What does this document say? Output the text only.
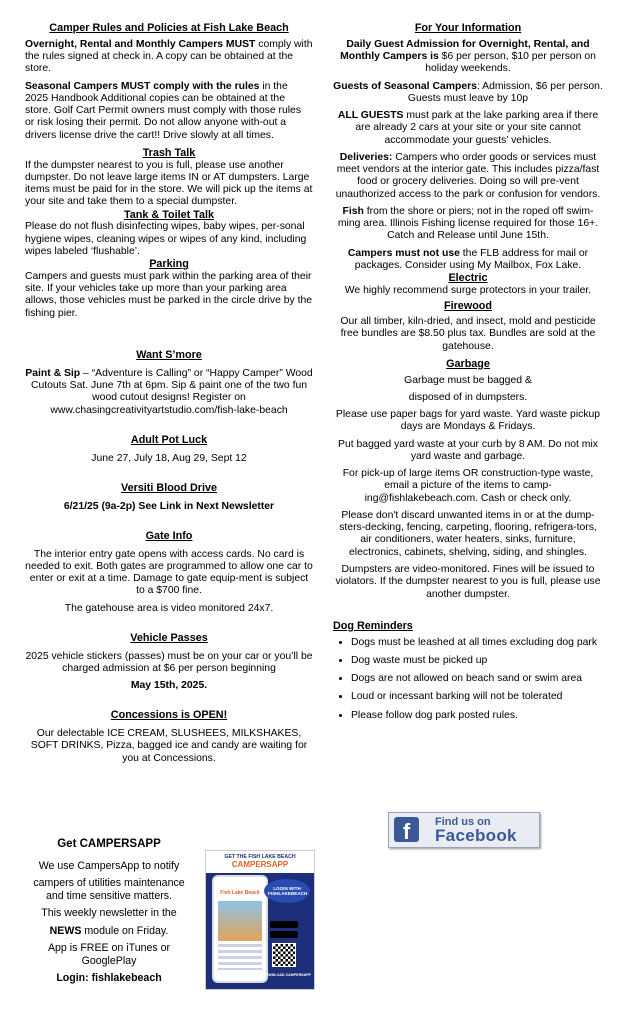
Camper Rules and Policies at Fish Lake Beach

Overnight, Rental and Monthly Campers MUST comply with the rules signed at check in. A copy can be obtained at the store.

Seasonal Campers MUST comply with the rules in the 2025 Handbook Additional copies can be obtained at the store. Golf Cart Permit owners must comply with those rules or risk losing their permit. Do not allow anyone with-out a drivers license drive the cart!! Drive slowly at all times.

Trash Talk

If the dumpster nearest to you is full, please use another dumpster. Do not leave large items IN or AT dumpsters. Large items must be paid for in the store. We will pick up the items at your site and take them to a special dumpster.

Tank & Toilet Talk

Please do not flush disinfecting wipes, baby wipes, per-sonal hygiene wipes, cleaning wipes or wipes of any kind, including wipes labeled ‘flushable’.

Parking

Campers and guests must park within the parking area of their site. If your vehicles take up more than your parking area allows, those vehicles must be parked in the circle drive by the fishing pier.

Want S’more

Paint & Sip – “Adventure is Calling” or “Happy Camper” Wood Cutouts Sat. June 7th at 6pm. Sip & paint one of the two fun wood cutout designs! Register on www.chasingcreativityartstudio.com/fish-lake-beach

Adult Pot Luck

June 27, July 18, Aug 29, Sept 12

Versiti Blood Drive

6/21/25 (9a-2p) See Link in Next Newsletter

Gate Info

The interior entry gate opens with access cards. No card is needed to exit. Both gates are programmed to allow one car to enter or exit at a time. Damage to gate equip-ment is subject to a $700 fine.

The gatehouse area is video monitored 24x7.

Vehicle Passes

2025 vehicle stickers (passes) must be on your car or you’ll be charged admission at $6 per person beginning

May 15th, 2025.

Concessions is OPEN!

Our delectable ICE CREAM, SLUSHEES, MILKSHAKES, SOFT DRINKS, Pizza, bagged ice and candy are waiting for you at Concessions.

For Your Information

Daily Guest Admission for Overnight, Rental, and Monthly Campers is $6 per person, $10 per person on holiday weekends.

Guests of Seasonal Campers: Admission, $6 per person. Guests must leave by 10p

ALL GUESTS must park at the lake parking area if there are already 2 cars at your site or your site cannot accommodate your guests’ vehicles.

Deliveries: Campers who order goods or services must meet vendors at the interior gate. This includes pizza/fast food or grocery deliveries. Doing so will pre-vent unauthorized access to the park or confusion for vendors.

Fish from the shore or piers; not in the roped off swim-ming area. Illinois Fishing license required for those 16+. Catch and Release until June 15th.

Campers must not use the FLB address for mail or packages. Consider using My Mailbox, Fox Lake.

Electric

We highly recommend surge protectors in your trailer.

Firewood

Our all timber, kiln-dried, and insect, mold and pesticide free bundles are $8.50 plus tax. Bundles are sold at the gatehouse.

Garbage

Garbage must be bagged &

disposed of in dumpsters.

Please use paper bags for yard waste. Yard waste pickup days are Mondays & Fridays.

Put bagged yard waste at your curb by 8 AM. Do not mix yard waste and garbage.

For pick-up of large items OR construction-type waste, email a picture of the items to camp-ing@fishlakebeach.com. Cash or check only.

Please don't discard unwanted items in or at the dump-sters-decking, fencing, carpeting, flooring, refrigera-tors, air conditioners, water heaters, sinks, furniture, electronics, cabinets, shelving, siding, and shingles.

Dumpsters are video-monitored. Fines will be issued to violators. If the dumpster nearest to you is full, please use another dumpster.

Dog Reminders
• Dogs must be leashed at all times excluding dog park
• Dog waste must be picked up
• Dogs are not allowed on beach sand or swim area
• Loud or incessant barking will not be tolerated
• Please follow dog park posted rules.
f	Find us on
Facebook
Get CAMPERSAPP

We use CampersApp to notify

campers of utilities maintenance and time sensitive matters.

This weekly newsletter in the

NEWS module on Friday.

App is FREE on iTunes or GooglePlay

Login: fishlakebeach

GET THE FISH LAKE BEACH
CAMPERSAPP
Fish Lake Beach
LOGIN WITH FISHLAKEBEACH
DOWNLOAD CAMPERSAPP
